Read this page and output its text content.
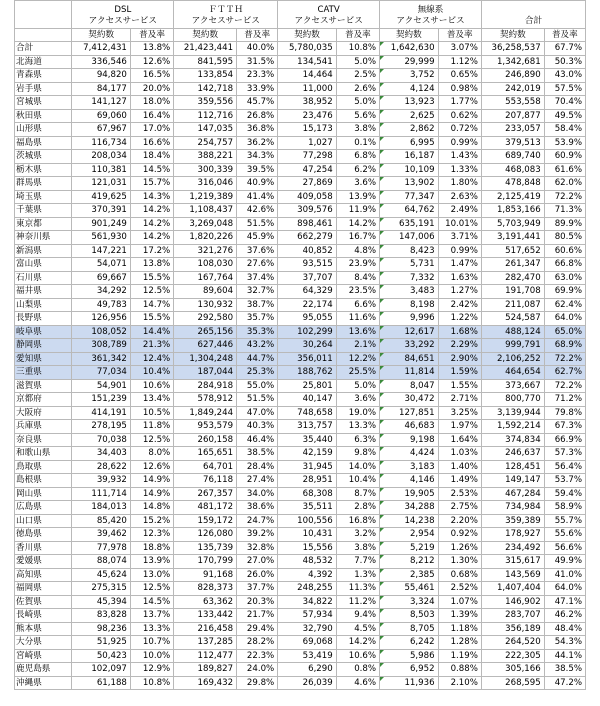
	DSL
アクセスサービス		ＦＴＴＨ
アクセスサービス		CATV
アクセスサービス		無線系
アクセスサービス		合計	
	契約数	普及率	契約数	普及率	契約数	普及率	契約数	普及率	契約数	普及率
合計	7,412,431	13.8%	21,423,441	40.0%	5,780,035	10.8%	1,642,630	3.07%	36,258,537	67.7%
北海道	336,546	12.6%	841,595	31.5%	134,541	5.0%	29,999	1.12%	1,342,681	50.3%
青森県	94,820	16.5%	133,854	23.3%	14,464	2.5%	3,752	0.65%	246,890	43.0%
岩手県	84,177	20.0%	142,718	33.9%	11,000	2.6%	4,124	0.98%	242,019	57.5%
宮城県	141,127	18.0%	359,556	45.7%	38,952	5.0%	13,923	1.77%	553,558	70.4%
秋田県	69,060	16.4%	112,716	26.8%	23,476	5.6%	2,625	0.62%	207,877	49.5%
山形県	67,967	17.0%	147,035	36.8%	15,173	3.8%	2,862	0.72%	233,057	58.4%
福島県	116,734	16.6%	254,757	36.2%	1,027	0.1%	6,995	0.99%	379,513	53.9%
茨城県	208,034	18.4%	388,221	34.3%	77,298	6.8%	16,187	1.43%	689,740	60.9%
栃木県	110,381	14.5%	300,339	39.5%	47,254	6.2%	10,109	1.33%	468,083	61.6%
群馬県	121,031	15.7%	316,046	40.9%	27,869	3.6%	13,902	1.80%	478,848	62.0%
埼玉県	419,625	14.3%	1,219,389	41.4%	409,058	13.9%	77,347	2.63%	2,125,419	72.2%
千葉県	370,391	14.2%	1,108,437	42.6%	309,576	11.9%	64,762	2.49%	1,853,166	71.3%
東京都	901,249	14.2%	3,269,048	51.5%	898,461	14.2%	635,191	10.01%	5,703,949	89.9%
神奈川県	561,930	14.2%	1,820,226	45.9%	662,279	16.7%	147,006	3.71%	3,191,441	80.5%
新潟県	147,221	17.2%	321,276	37.6%	40,852	4.8%	8,423	0.99%	517,652	60.6%
富山県	54,071	13.8%	108,030	27.6%	93,515	23.9%	5,731	1.47%	261,347	66.8%
石川県	69,667	15.5%	167,764	37.4%	37,707	8.4%	7,332	1.63%	282,470	63.0%
福井県	34,292	12.5%	89,604	32.7%	64,329	23.5%	3,483	1.27%	191,708	69.9%
山梨県	49,783	14.7%	130,932	38.7%	22,174	6.6%	8,198	2.42%	211,087	62.4%
長野県	126,956	15.5%	292,580	35.7%	95,055	11.6%	9,996	1.22%	524,587	64.0%
岐阜県	108,052	14.4%	265,156	35.3%	102,299	13.6%	12,617	1.68%	488,124	65.0%
静岡県	308,789	21.3%	627,446	43.2%	30,264	2.1%	33,292	2.29%	999,791	68.9%
愛知県	361,342	12.4%	1,304,248	44.7%	356,011	12.2%	84,651	2.90%	2,106,252	72.2%
三重県	77,034	10.4%	187,044	25.3%	188,762	25.5%	11,814	1.59%	464,654	62.7%
滋賀県	54,901	10.6%	284,918	55.0%	25,801	5.0%	8,047	1.55%	373,667	72.2%
京都府	151,239	13.4%	578,912	51.5%	40,147	3.6%	30,472	2.71%	800,770	71.2%
大阪府	414,191	10.5%	1,849,244	47.0%	748,658	19.0%	127,851	3.25%	3,139,944	79.8%
兵庫県	278,195	11.8%	953,579	40.3%	313,757	13.3%	46,683	1.97%	1,592,214	67.3%
奈良県	70,038	12.5%	260,158	46.4%	35,440	6.3%	9,198	1.64%	374,834	66.9%
和歌山県	34,403	8.0%	165,651	38.5%	42,159	9.8%	4,424	1.03%	246,637	57.3%
鳥取県	28,622	12.6%	64,701	28.4%	31,945	14.0%	3,183	1.40%	128,451	56.4%
島根県	39,932	14.9%	76,118	27.4%	28,951	10.4%	4,146	1.49%	149,147	53.7%
岡山県	111,714	14.9%	267,357	34.0%	68,308	8.7%	19,905	2.53%	467,284	59.4%
広島県	184,013	14.8%	481,172	38.6%	35,511	2.8%	34,288	2.75%	734,984	58.9%
山口県	85,420	15.2%	159,172	24.7%	100,556	16.8%	14,238	2.20%	359,389	55.7%
徳島県	39,462	12.3%	126,080	39.2%	10,431	3.2%	2,954	0.92%	178,927	55.6%
香川県	77,978	18.8%	135,739	32.8%	15,556	3.8%	5,219	1.26%	234,492	56.6%
愛媛県	88,074	13.9%	170,799	27.0%	48,532	7.7%	8,212	1.30%	315,617	49.9%
高知県	45,624	13.0%	91,168	26.0%	4,392	1.3%	2,385	0.68%	143,569	41.0%
福岡県	275,315	12.5%	828,373	37.7%	248,255	11.3%	55,461	2.52%	1,407,404	64.0%
佐賀県	45,394	14.5%	63,362	20.3%	34,822	11.2%	3,324	1.07%	146,902	47.1%
長崎県	83,828	13.7%	133,442	21.7%	57,934	9.4%	8,503	1.39%	283,707	46.2%
熊本県	98,236	13.3%	216,458	29.4%	32,790	4.5%	8,705	1.18%	356,189	48.4%
大分県	51,925	10.7%	137,285	28.2%	69,068	14.2%	6,242	1.28%	264,520	54.3%
宮崎県	50,423	10.0%	112,477	22.3%	53,419	10.6%	5,986	1.19%	222,305	44.1%
鹿児島県	102,097	12.9%	189,827	24.0%	6,290	0.8%	6,952	0.88%	305,166	38.5%
沖縄県	61,188	10.8%	169,432	29.8%	26,039	4.6%	11,936	2.10%	268,595	47.2%
